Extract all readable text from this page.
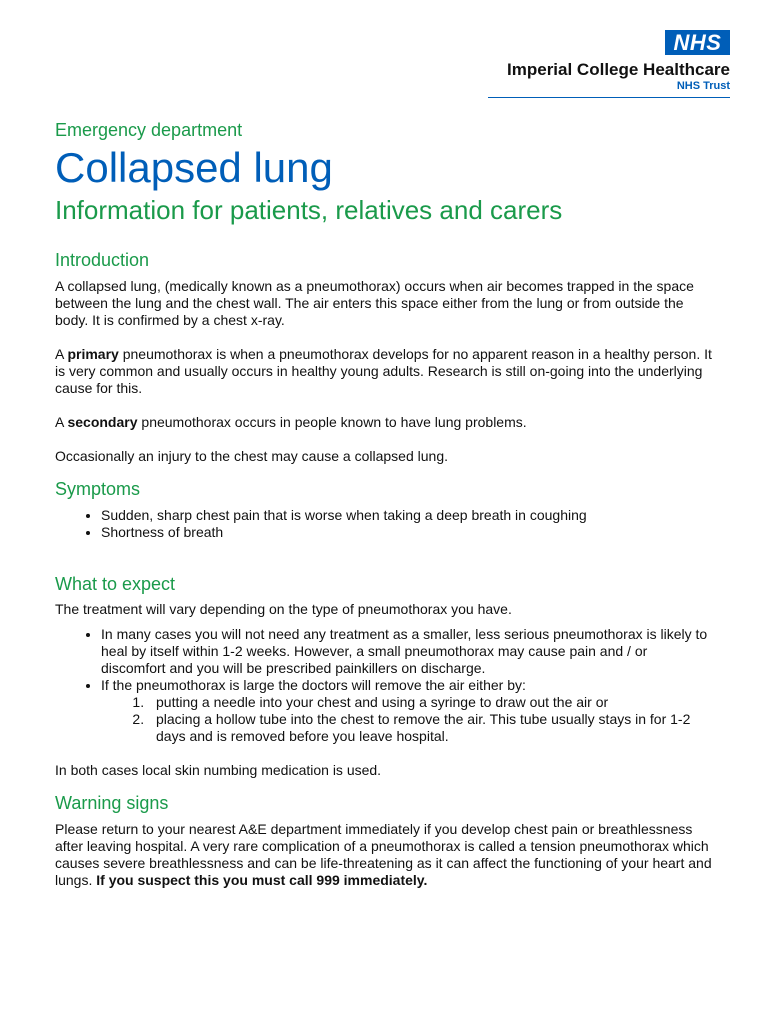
NHS
Imperial College Healthcare
NHS Trust

Emergency department

Collapsed lung
Information for patients, relatives and carers
Introduction

A collapsed lung, (medically known as a pneumothorax) occurs when air becomes trapped in the space between the lung and the chest wall. The air enters this space either from the lung or from outside the body. It is confirmed by a chest x-ray.

A primary pneumothorax is when a pneumothorax develops for no apparent reason in a healthy person. It is very common and usually occurs in healthy young adults. Research is still on-going into the underlying cause for this.

A secondary pneumothorax occurs in people known to have lung problems.

Occasionally an injury to the chest may cause a collapsed lung.

Symptoms
• Sudden, sharp chest pain that is worse when taking a deep breath in coughing
• Shortness of breath
What to expect

The treatment will vary depending on the type of pneumothorax you have.

• In many cases you will not need any treatment as a smaller, less serious pneumothorax is likely to heal by itself within 1-2 weeks. However, a small pneumothorax may cause pain and / or discomfort and you will be prescribed painkillers on discharge.
• If the pneumothorax is large the doctors will remove the air either by:
1. putting a needle into your chest and using a syringe to draw out the air or
2. placing a hollow tube into the chest to remove the air. This tube usually stays in for 1-2 days and is removed before you leave hospital.

In both cases local skin numbing medication is used.

Warning signs

Please return to your nearest A&E department immediately if you develop chest pain or breathlessness after leaving hospital. A very rare complication of a pneumothorax is called a tension pneumothorax which causes severe breathlessness and can be life-threatening as it can affect the functioning of your heart and lungs. If you suspect this you must call 999 immediately.
